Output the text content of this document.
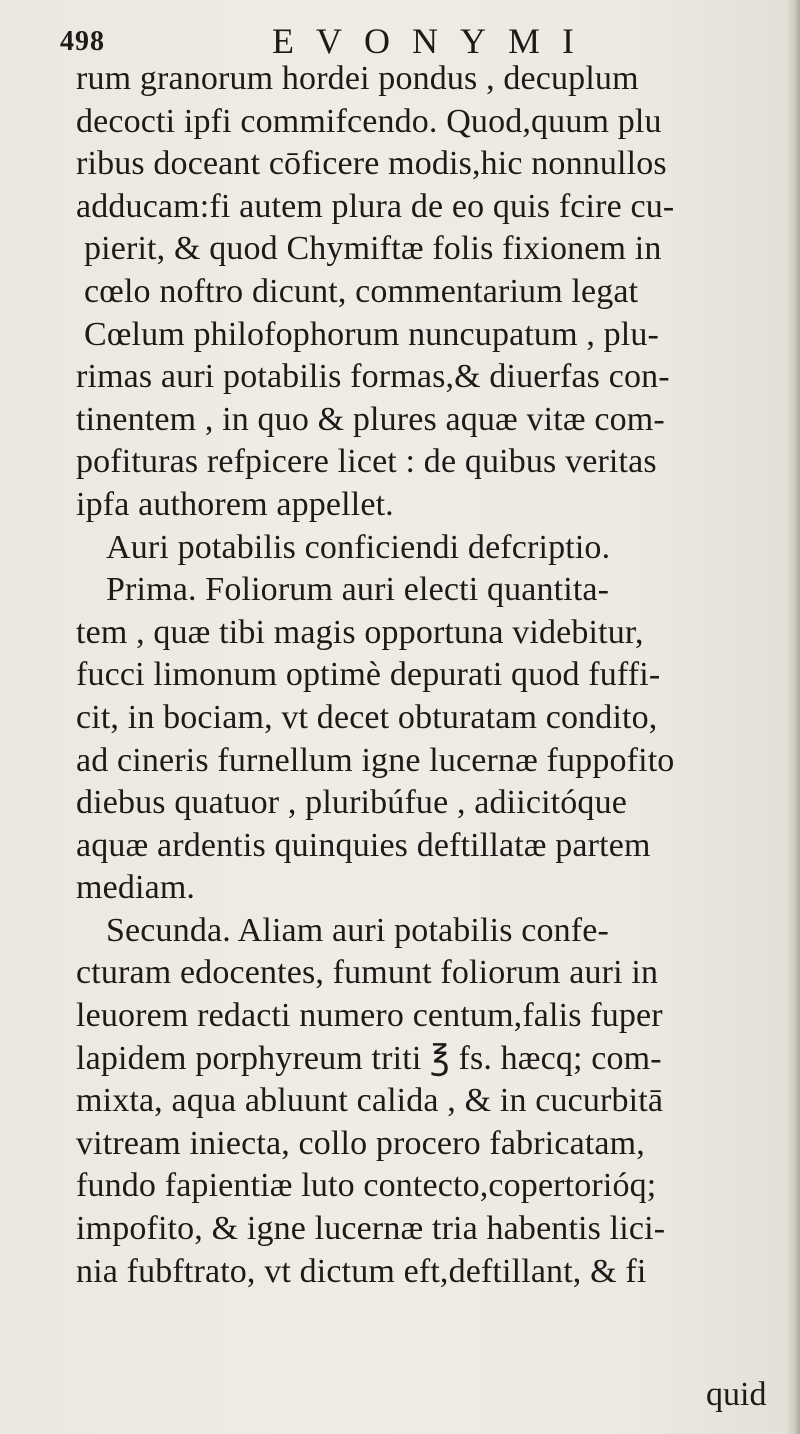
498	EVONYMI
rum granorum hordei pondus , decuplum
decocti ipfi commifcendo. Quod,quum plu
ribus doceant cōficere modis,hic nonnullos
adducam:fi autem plura de eo quis fcire cu-
pierit, & quod Chymiftæ folis fixionem in
cœlo noftro dicunt, commentarium legat
Cœlum philofophorum nuncupatum , plu-
rimas auri potabilis formas,& diuerfas con-
tinentem , in quo & plures aquæ vitæ com-
pofituras refpicere licet : de quibus veritas
ipfa authorem appellet.
Auri potabilis conficiendi defcriptio.
Prima. Foliorum auri electi quantita-
tem , quæ tibi magis opportuna videbitur,
fucci limonum optimè depurati quod fuffi-
cit, in bociam, vt decet obturatam condito,
ad cineris furnellum igne lucernæ fuppofito
diebus quatuor , pluribúfue , adiicitóque
aquæ ardentis quinquies deftillatæ partem
mediam.
Secunda. Aliam auri potabilis confe-
cturam edocentes, fumunt foliorum auri in
leuorem redacti numero centum,falis fuper
lapidem porphyreum triti ℥ fs. hæcq; com-
mixta, aqua abluunt calida , & in cucurbitā
vitream iniecta, collo procero fabricatam,
fundo fapientiæ luto contecto,copertorióq;
impofito, & igne lucernæ tria habentis lici-
nia fubftrato, vt dictum eft,deftillant, & fi
quid
